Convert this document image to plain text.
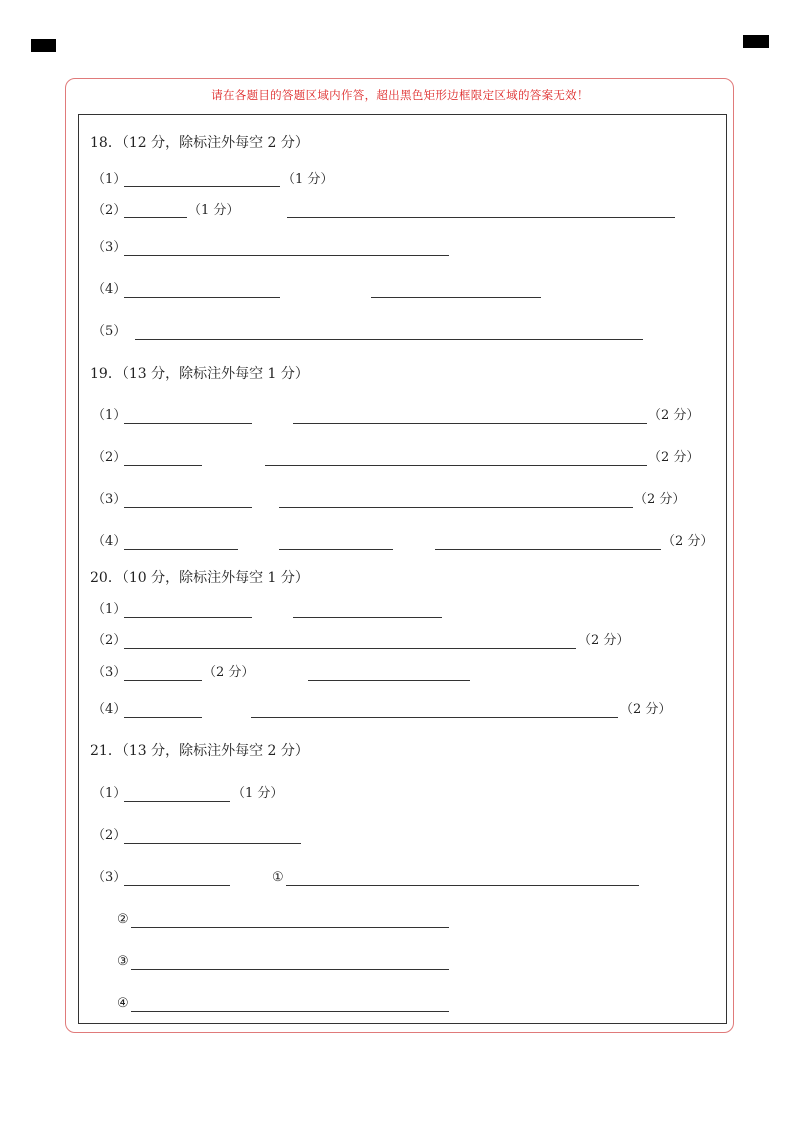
请在各题目的答题区域内作答，超出黑色矩形边框限定区域的答案无效！
18．（12 分，除标注外每空 2 分）
（1）	（1 分）
（2）	（1 分）
（3）
（4）
（5）
19．（13 分，除标注外每空 1 分）
（1）	（2 分）
（2）	（2 分）
（3）	（2 分）
（4）	（2 分）
20．（10 分，除标注外每空 1 分）
（1）
（2）	（2 分）
（3）	（2 分）
（4）	（2 分）
21．（13 分，除标注外每空 2 分）
（1）	（1 分）
（2）
（3）	①
②
③
④
